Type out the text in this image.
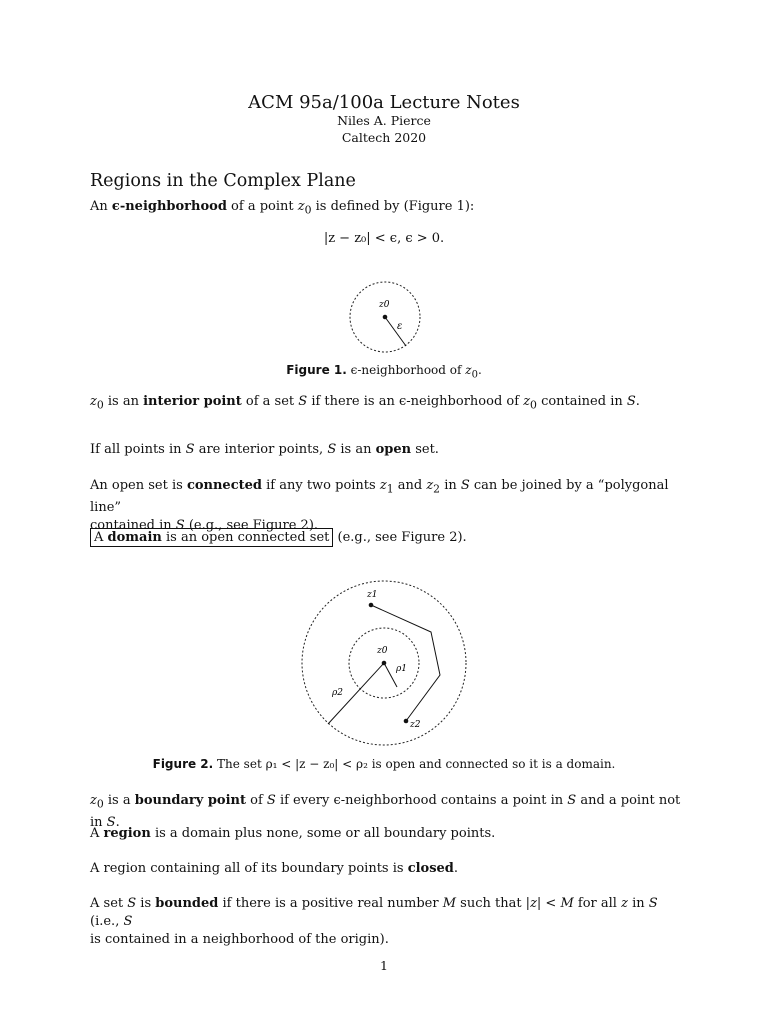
ACM 95a/100a Lecture Notes
Niles A. Pierce
Caltech 2020
Regions in the Complex Plane
An ϵ-neighborhood of a point $z_0$ is defined by (Figure 1):
|z − z₀| < ϵ, ϵ > 0.
z0
ε
Figure 1. ϵ-neighborhood of $z_0$.
$z_0$ is an interior point of a set S if there is an ϵ-neighborhood of $z_0$ contained in S.
If all points in S are interior points, S is an open set.
An open set is connected if any two points $z_1$ and $z_2$ in S can be joined by a “polygonal line”
contained in S (e.g., see Figure 2).
A domain is an open connected set (e.g., see Figure 2).
z1
z0
ρ1
ρ2
z2
Figure 2. The set ρ₁ < |z − z₀| < ρ₂ is open and connected so it is a domain.
$z_0$ is a boundary point of S if every ϵ-neighborhood contains a point in S and a point not in S.
A region is a domain plus none, some or all boundary points.
A region containing all of its boundary points is closed.
A set S is bounded if there is a positive real number M such that |z| < M for all z in S (i.e., S
is contained in a neighborhood of the origin).
1
